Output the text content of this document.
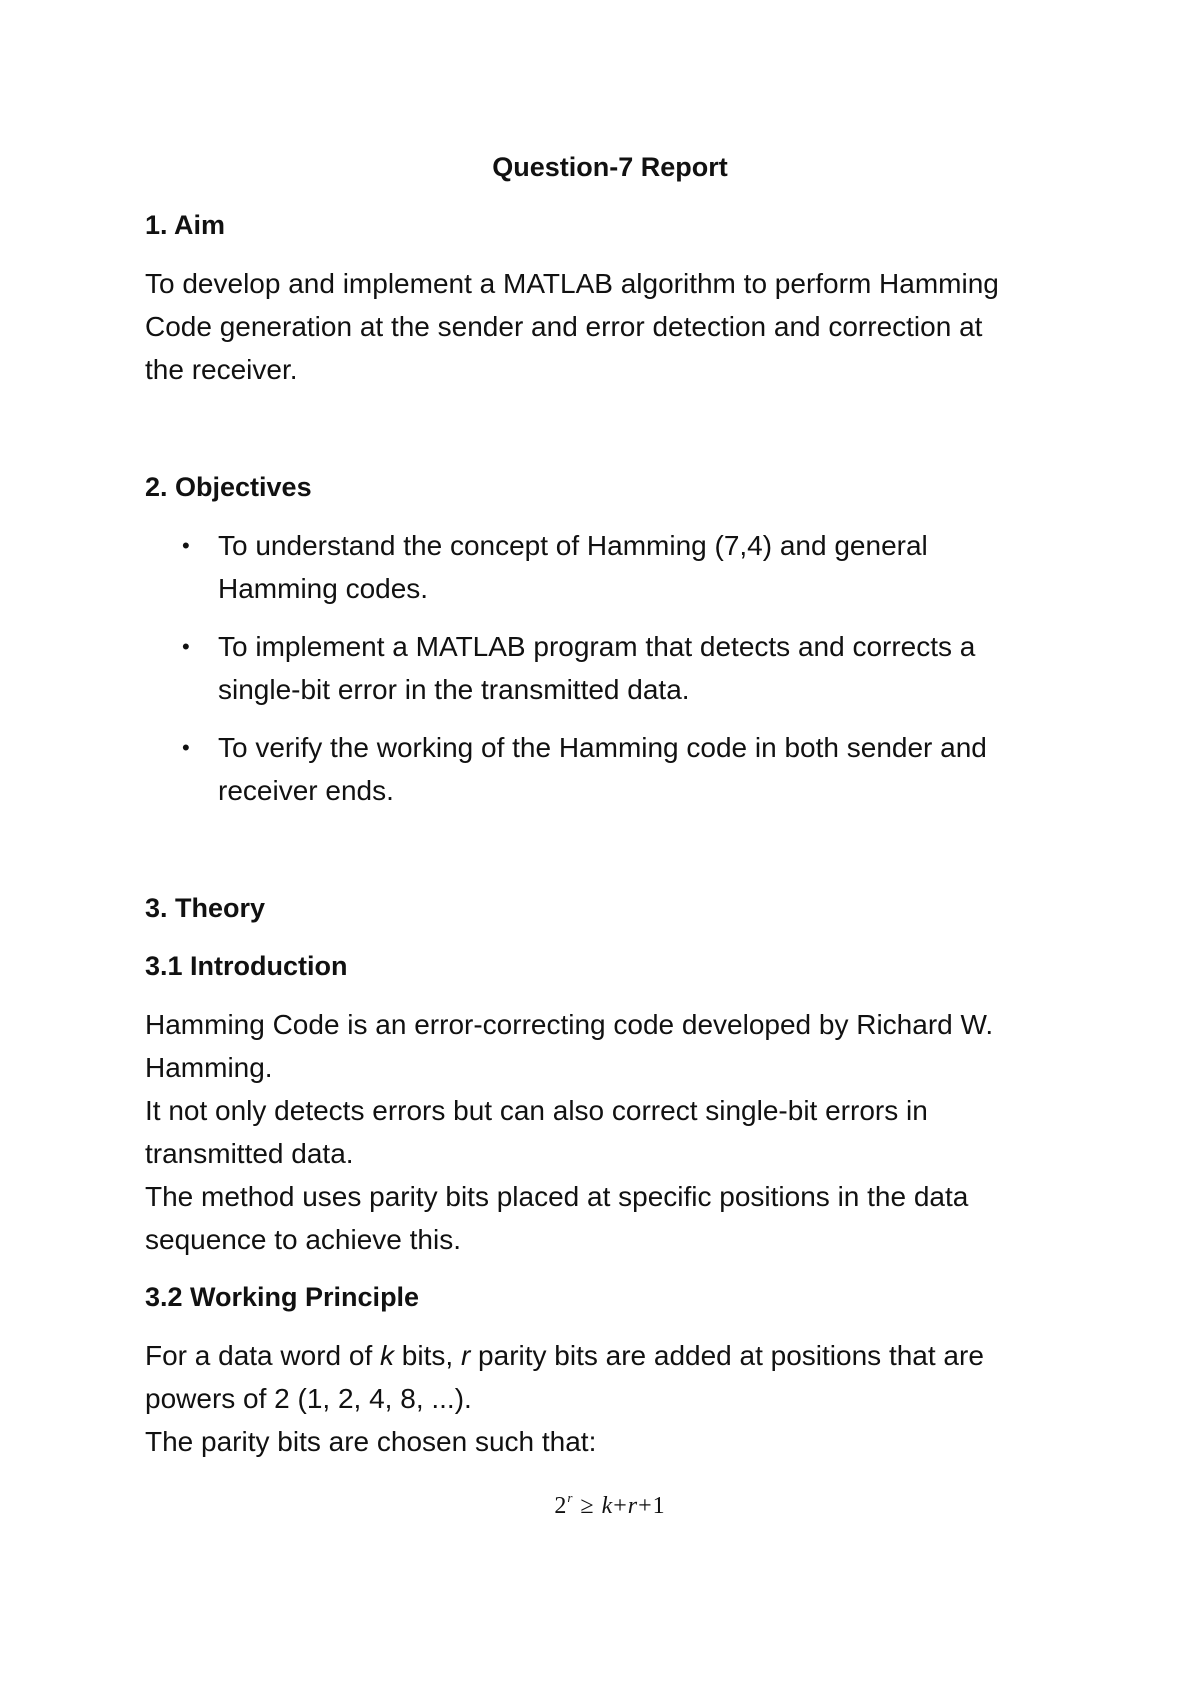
Question-7 Report
1. Aim
To develop and implement a MATLAB algorithm to perform Hamming
Code generation at the sender and error detection and correction at
the receiver.
2. Objectives
• To understand the concept of Hamming (7,4) and general
Hamming codes.
• To implement a MATLAB program that detects and corrects a
single-bit error in the transmitted data.
• To verify the working of the Hamming code in both sender and
receiver ends.
3. Theory
3.1 Introduction
Hamming Code is an error-correcting code developed by Richard W.
Hamming.
It not only detects errors but can also correct single-bit errors in
transmitted data.
The method uses parity bits placed at specific positions in the data
sequence to achieve this.
3.2 Working Principle
For a data word of k bits, r parity bits are added at positions that are
powers of 2 (1, 2, 4, 8, ...).
The parity bits are chosen such that:
$2^r \ge k+r+1$
